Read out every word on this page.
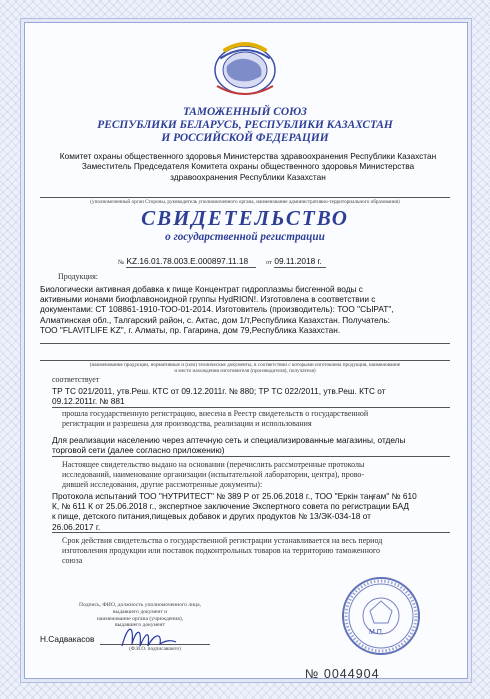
ТАМОЖЕННЫЙ СОЮЗ
РЕСПУБЛИКИ БЕЛАРУСЬ, РЕСПУБЛИКИ КАЗАХСТАН
И РОССИЙСКОЙ ФЕДЕРАЦИИ
Комитет охраны общественного здоровья Министерства здравоохранения Республики Казахстан
Заместитель Председателя Комитета охраны общественного здоровья Министерства
здравоохранения Республики Казахстан
(уполномоченный орган Стороны, руководитель уполномоченного органа, наименование административно-территориального образования)
СВИДЕТЕЛЬСТВО
о государственной регистрации
№ KZ.16.01.78.003.E.000897.11.18	от 09.11.2018 г.
Продукция:
Биологически активная добавка к пище Концентрат гидроплазмы бисгенной воды с
активными ионами биофлавоноидной группы HydRION!. Изготовлена в соответствии с
документами: СТ 108861-1910-ТОО-01-2014. Изготовитель (производитель): ТОО "СЫРАТ",
Алматинская обл., Талгарский район, с. Актас, дом 1/т,Республика Казахстан. Получатель:
ТОО "FLAVITLIFE KZ", г. Алматы, пр. Гагарина, дом 79,Республика Казахстан.
(наименование продукции, нормативные и (или) технические документы, в соответствии с которыми изготовлена продукция, наименование
и место нахождения изготовителя (производителя), получателя)
соответствует
ТР ТС 021/2011, утв.Реш. КТС от 09.12.2011г. № 880; ТР ТС 022/2011, утв.Реш. КТС от
09.12.2011г. № 881
прошла государственную регистрацию, внесена в Реестр свидетельств о государственной
регистрации и разрешена для производства, реализации и использования
Для реализации населению через аптечную сеть и специализированные магазины, отделы
торговой сети (далее согласно приложению)
Настоящее свидетельство выдано на основании (перечислить рассмотренные протоколы
исследований, наименование организации (испытательной лаборатории, центра), прово-
дившей исследования, другие рассмотренные документы):
Протокола испытаний ТОО "НУТРИТЕСТ" № 389 Р от 25.06.2018 г., ТОО "Еркін таңғам" № 610
К, № 611 К от 25.06.2018 г., экспертное заключение Экспертного совета по регистрации БАД
к пище, детского питания,пищевых добавок и других продуктов № 13/ЭК-034-18 от
26.06.2017 г.
Срок действия свидетельства о государственной регистрации устанавливается на весь период
изготовления продукции или поставок подконтрольных товаров на территорию таможенного
союза
Подпись, ФИО, должность уполномоченного лица,
выдавшего документ и
наименование органа (учреждения),
выдавшего документ
Н.Садвакасов
(Ф.И.О. подписавшего)
М.П.
№ 0044904
